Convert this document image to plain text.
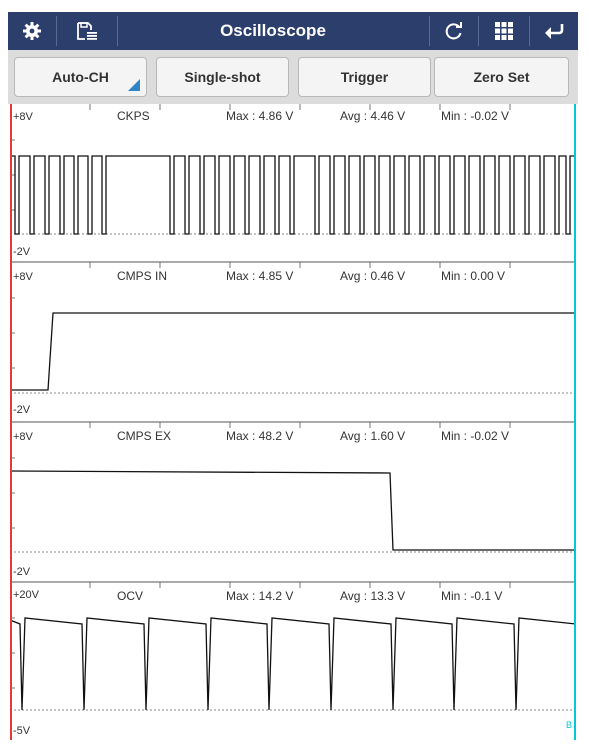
Oscilloscope
Auto-CH	Single-shot	Trigger	Zero Set
+8V	CKPS	Max : 4.86 V	Avg : 4.46 V	Min : -0.02 V
-2V
+8V	CMPS IN	Max : 4.85 V	Avg : 0.46 V	Min : 0.00 V
-2V
+8V	CMPS EX	Max : 48.2 V	Avg : 1.60 V	Min : -0.02 V
-2V
+20V	OCV	Max : 14.2 V	Avg : 13.3 V	Min : -0.1 V
-5V	B
